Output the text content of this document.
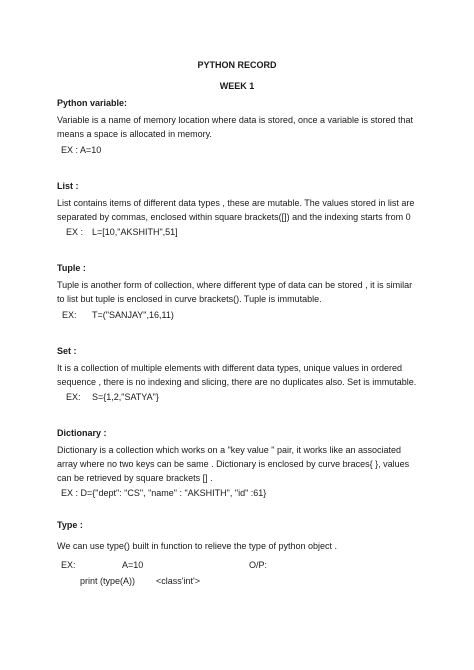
PYTHON RECORD
WEEK 1
Python variable:
Variable is a name of memory location where data is stored, once a variable is stored that means a space is allocated in memory.
EX : A=10
List :
List contains items of different data types , these are mutable. The values stored in list are separated by commas, enclosed within square brackets([]) and the indexing starts from 0
EX : L=[10,"AKSHITH",51]
Tuple :
Tuple is another form of collection, where different type of data can be stored , it is similar to list but tuple is enclosed in curve brackets(). Tuple is immutable.
EX: T=("SANJAY",16,11)
Set :
It is a collection of multiple elements with different data types, unique values in ordered sequence , there is no indexing and slicing, there are no duplicates also. Set is immutable.
EX: S={1,2,"SATYA"}
Dictionary :
Dictionary is a collection which works on a "key value " pair, it works like an associated array where no two keys can be same . Dictionary is enclosed by curve braces{ }, values can be retrieved by square brackets [] .
EX : D={"dept": "CS", "name" : "AKSHITH", "id" :61}
Type :
We can use type() built in function to relieve the type of python object .
EX:	A=10	O/P:
print (type(A)) <class'int'>
